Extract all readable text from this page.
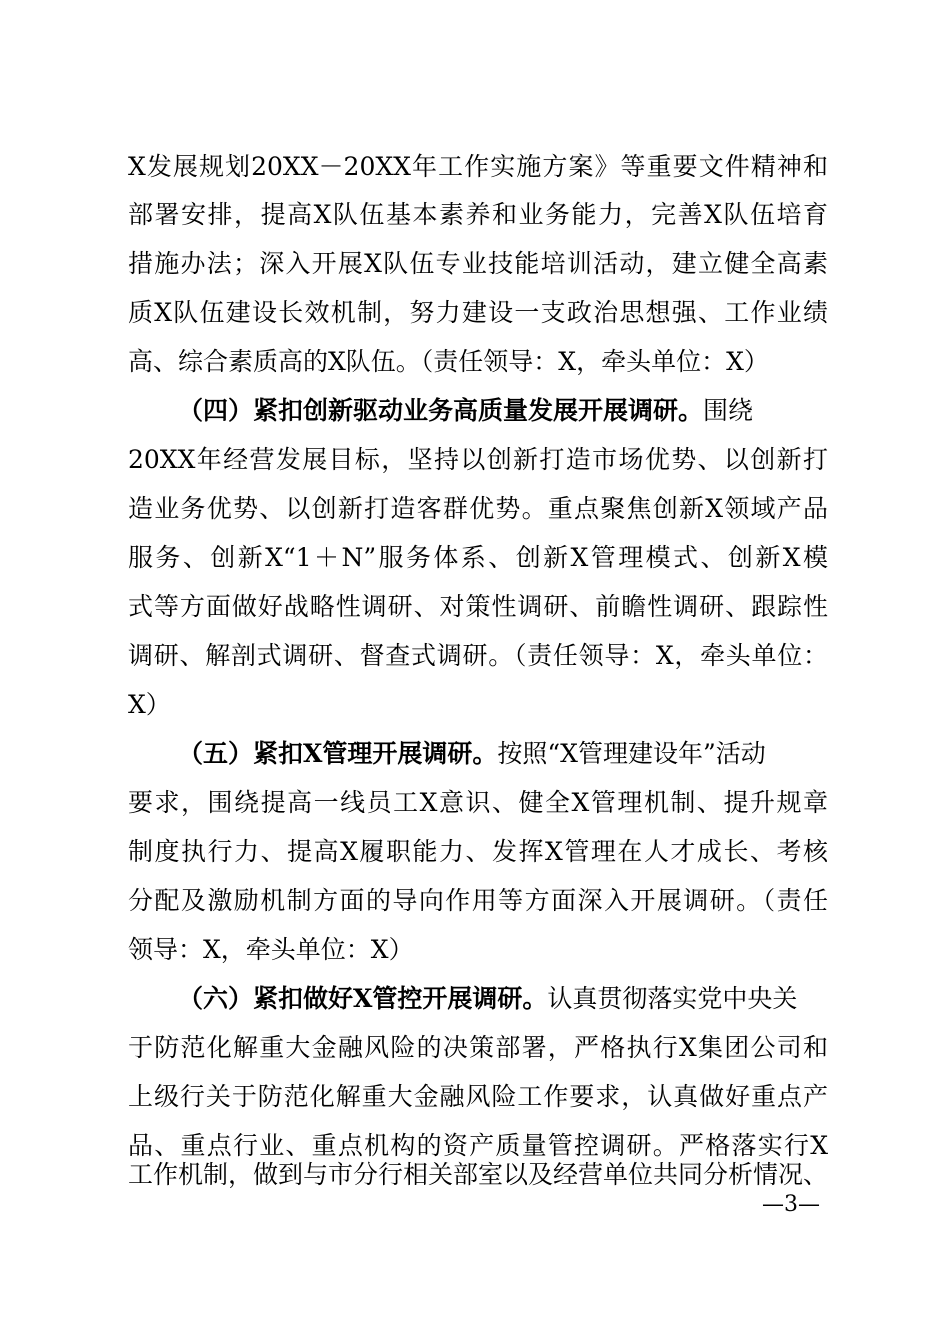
X发展规划20XX－20XX年工作实施方案》等重要文件精神和
部署安排，提高X队伍基本素养和业务能力，完善X队伍培育
措施办法；深入开展X队伍专业技能培训活动，建立健全高素
质X队伍建设长效机制，努力建设一支政治思想强、工作业绩
高、综合素质高的X队伍。（责任领导：X，牵头单位：X）
（四）紧扣创新驱动业务高质量发展开展调研。围绕
20XX年经营发展目标，坚持以创新打造市场优势、以创新打
造业务优势、以创新打造客群优势。重点聚焦创新X领域产品
服务、创新X“1＋N”服务体系、创新X管理模式、创新X模
式等方面做好战略性调研、对策性调研、前瞻性调研、跟踪性
调研、解剖式调研、督查式调研。（责任领导：X，牵头单位：
X）
（五）紧扣X管理开展调研。按照“X管理建设年”活动
要求，围绕提高一线员工X意识、健全X管理机制、提升规章
制度执行力、提高X履职能力、发挥X管理在人才成长、考核
分配及激励机制方面的导向作用等方面深入开展调研。（责任
领导：X，牵头单位：X）
（六）紧扣做好X管控开展调研。认真贯彻落实党中央关
于防范化解重大金融风险的决策部署，严格执行X集团公司和
上级行关于防范化解重大金融风险工作要求，认真做好重点产
品、重点行业、重点机构的资产质量管控调研。严格落实行X
工作机制，做到与市分行相关部室以及经营单位共同分析情况、
—3—
